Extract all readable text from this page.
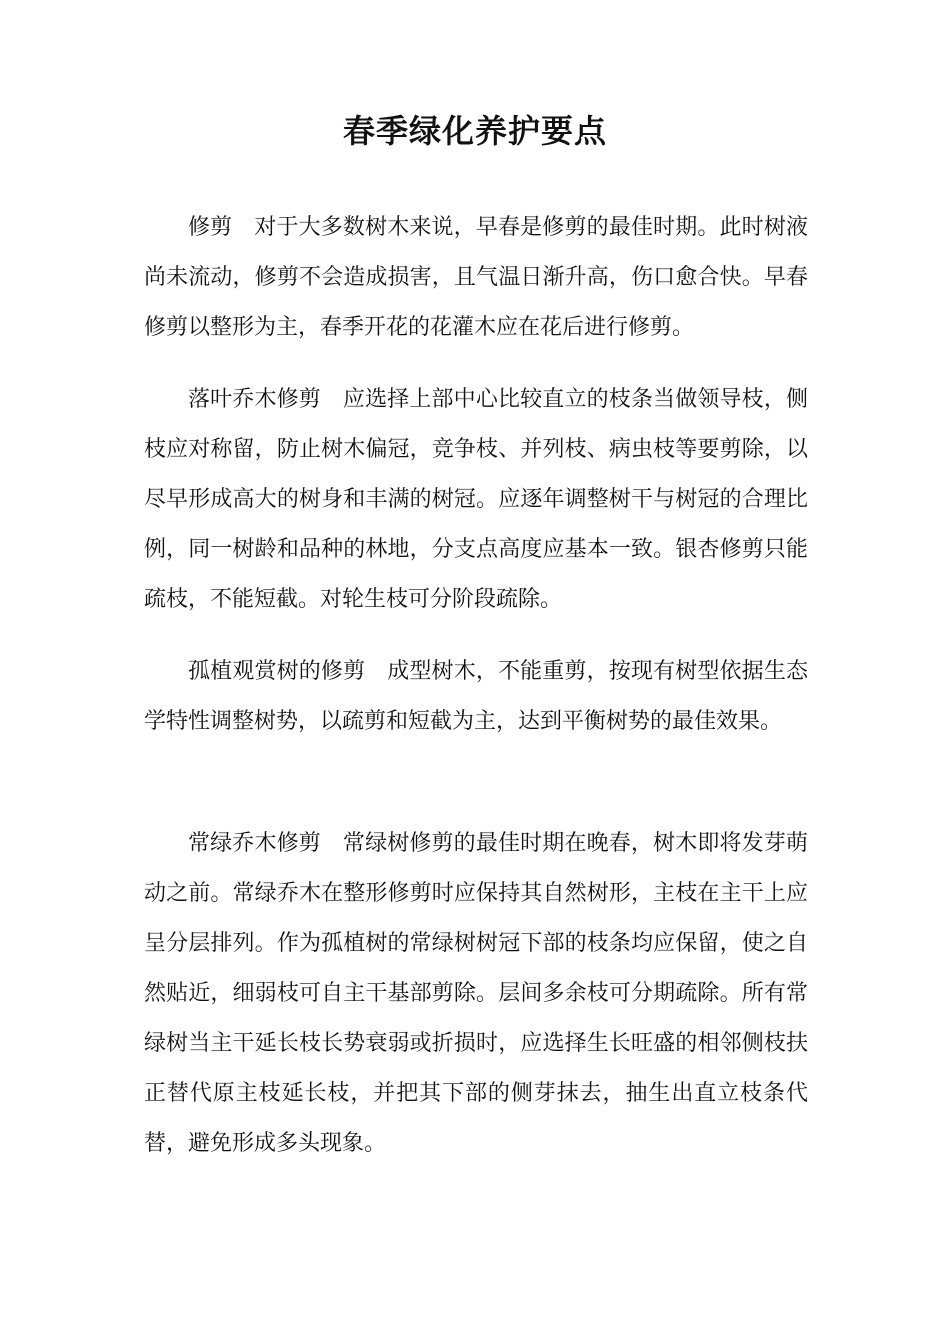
春季绿化养护要点

修剪 对于大多数树木来说，早春是修剪的最佳时期。此时树液尚未流动，修剪不会造成损害，且气温日渐升高，伤口愈合快。早春修剪以整形为主，春季开花的花灌木应在花后进行修剪。

落叶乔木修剪 应选择上部中心比较直立的枝条当做领导枝，侧枝应对称留，防止树木偏冠，竞争枝、并列枝、病虫枝等要剪除，以尽早形成高大的树身和丰满的树冠。应逐年调整树干与树冠的合理比例，同一树龄和品种的林地，分支点高度应基本一致。银杏修剪只能疏枝，不能短截。对轮生枝可分阶段疏除。

孤植观赏树的修剪 成型树木，不能重剪，按现有树型依据生态学特性调整树势，以疏剪和短截为主，达到平衡树势的最佳效果。

常绿乔木修剪 常绿树修剪的最佳时期在晚春，树木即将发芽萌动之前。常绿乔木在整形修剪时应保持其自然树形，主枝在主干上应呈分层排列。作为孤植树的常绿树树冠下部的枝条均应保留，使之自然贴近，细弱枝可自主干基部剪除。层间多余枝可分期疏除。所有常绿树当主干延长枝长势衰弱或折损时，应选择生长旺盛的相邻侧枝扶正替代原主枝延长枝，并把其下部的侧芽抹去，抽生出直立枝条代替，避免形成多头现象。
